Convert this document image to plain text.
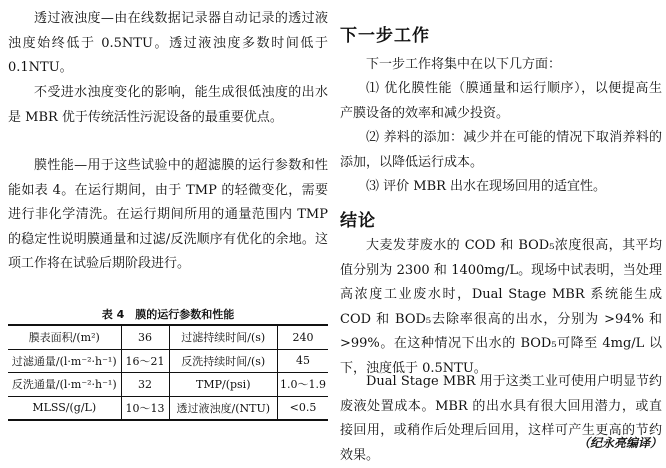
透过液浊度—由在线数据记录器自动记录的透过液浊度始终低于 0.5NTU。透过液浊度多数时间低于 0.1NTU。
不受进水浊度变化的影响，能生成很低浊度的出水是 MBR 优于传统活性污泥设备的最重要优点。
膜性能—用于这些试验中的超滤膜的运行参数和性能如表 4。在运行期间，由于 TMP 的轻微变化，需要进行非化学清洗。在运行期间所用的通量范围内 TMP 的稳定性说明膜通量和过滤/反洗顺序有优化的余地。这项工作将在试验后期阶段进行。
表 4　膜的运行参数和性能
膜表面积/(m²)	36	过滤持续时间/(s)	240
过滤通量/(l·m⁻²·h⁻¹)	16～21	反洗持续时间/(s)	45
反洗通量/(l·m⁻²·h⁻¹)	32	TMP/(psi)	1.0～1.9
MLSS/(g/L)	10～13	透过液浊度/(NTU)	<0.5
下一步工作
下一步工作将集中在以下几方面：
⑴ 优化膜性能（膜通量和运行顺序），以便提高生产膜设备的效率和减少投资。
⑵ 养料的添加：减少并在可能的情况下取消养料的添加，以降低运行成本。
⑶ 评价 MBR 出水在现场回用的适宜性。
结论
大麦发芽废水的 COD 和 BOD₅浓度很高，其平均值分别为 2300 和 1400mg/L。现场中试表明，当处理高浓度工业废水时，Dual Stage MBR 系统能生成 COD 和 BOD₅去除率很高的出水，分别为 >94% 和 >99%。在这种情况下出水的 BOD₅可降至 4mg/L 以下，浊度低于 0.5NTU。
Dual Stage MBR 用于这类工业可使用户明显节约废液处置成本。MBR 的出水具有很大回用潜力，或直接回用，或稍作后处理后回用，这样可产生更高的节约效果。
（纪永亮编译）
